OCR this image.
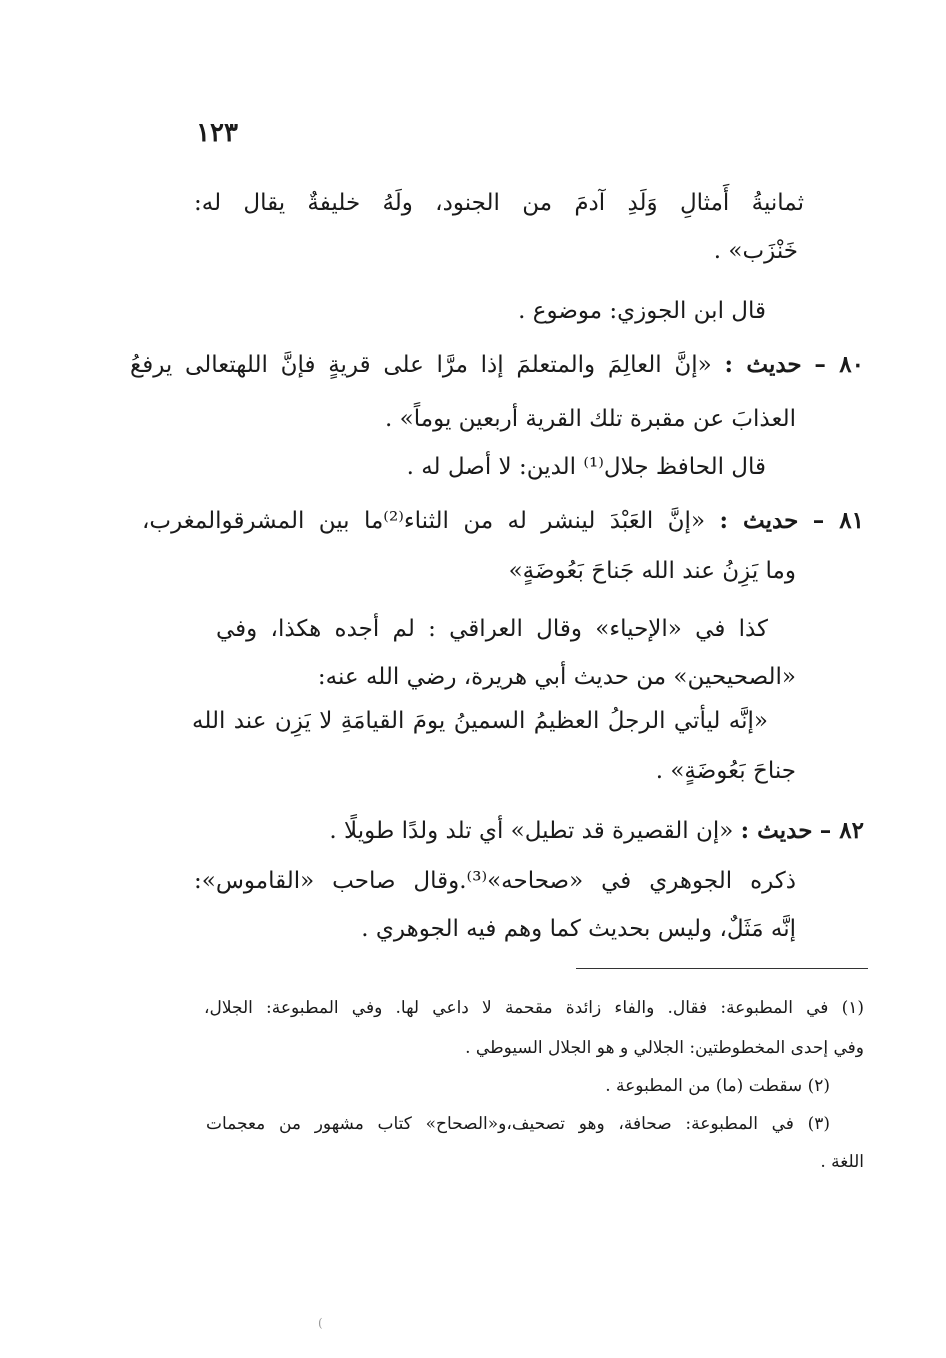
١٢٣
ثمانيةُ أَمثالِ وَلَدِ آدمَ من الجنود، ولَهُ خليفةٌ يقال له:
خَنْزَب» .
قال ابن الجوزي: موضوع .
٨٠ – حديث : «إنَّ العالِمَ والمتعلمَ إذا مرَّا على قريةٍ فإنَّ اللهتعالى يرفعُ
العذابَ عن مقبرة تلك القرية أربعين يوماً» .
قال الحافظ جلال⁽¹⁾ الدين: لا أصل له .
٨١ – حديث : «إنَّ العَبْدَ لينشر له من الثناء⁽²⁾ما بين المشرقوالمغرب،
وما يَزِنُ عند الله جَناحَ بَعُوضَةٍ»
كذا في «الإحياء» وقال العراقي : لم أجده هكذا، وفي
«الصحيحين» من حديث أبي هريرة، رضي الله عنه:
«إنَّه ليأتي الرجلُ العظيمُ السمينُ يومَ القيامَةِ لا يَزِن عند الله
جناحَ بَعُوضَةٍ» .
٨٢ – حديث : «إن القصيرة قد تطيل» أي تلد ولدًا طويلًا .
ذكره الجوهري في «صحاحه»⁽³⁾.وقال صاحب «القاموس»:
إنَّه مَثَلٌ، وليس بحديث كما وهم فيه الجوهري .
(١) في المطبوعة: فقال. والفاء زائدة مقحمة لا داعي لها. وفي المطبوعة: الجلال،
وفي إحدى المخطوطتين: الجلالي و هو الجلال السيوطي .
(٢) سقطت (ما) من المطبوعة .
(٣) في المطبوعة: صحافة، وهو تصحيف،و«الصحاح» كتاب مشهور من معجمات
اللغة .
(
